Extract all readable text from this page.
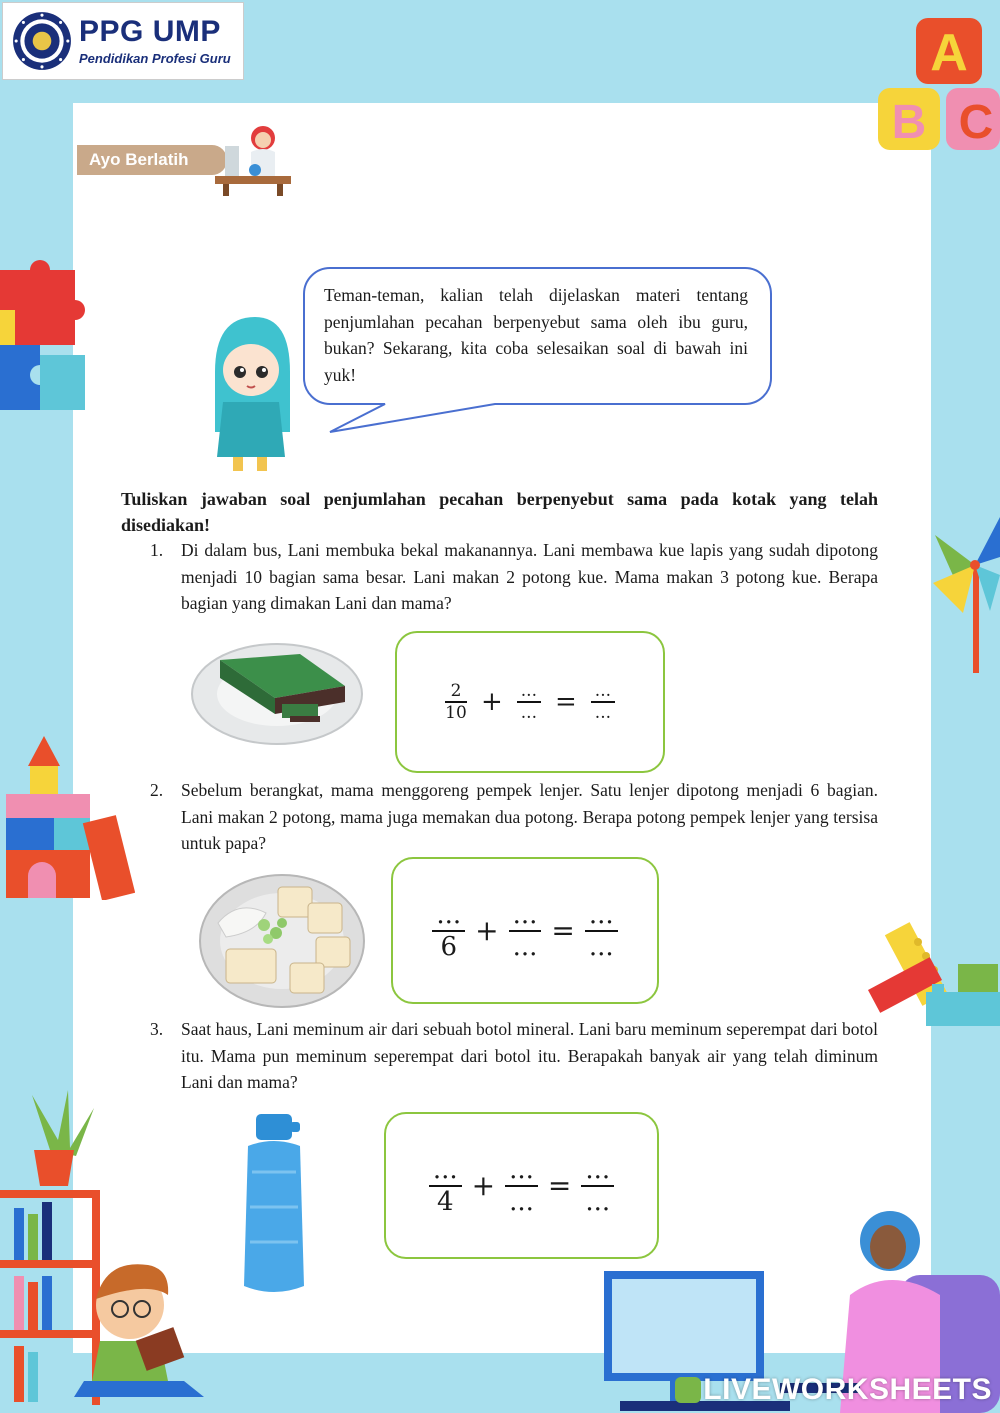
PPG UMP
Pendidikan Profesi Guru	A
B C
Ayo Berlatih
Teman-teman, kalian telah dijelaskan materi tentang penjumlahan pecahan berpenyebut sama oleh ibu guru, bukan? Sekarang, kita coba selesaikan soal di bawah ini yuk!
Tuliskan jawaban soal penjumlahan pecahan berpenyebut sama pada kotak yang telah disediakan!
1.	Di dalam bus, Lani membuka bekal makanannya. Lani membawa kue lapis yang sudah dipotong menjadi 10 bagian sama besar. Lani makan 2 potong kue. Mama makan 3 potong kue. Berapa bagian yang dimakan Lani dan mama?
$\frac{2}{10} + \frac{...}{...} = \frac{...}{...}$
2.	Sebelum berangkat, mama menggoreng pempek lenjer. Satu lenjer dipotong menjadi 6 bagian. Lani makan 2 potong, mama juga memakan dua potong. Berapa potong pempek lenjer yang tersisa untuk papa?
$\frac{...}{6} + \frac{...}{...} = \frac{...}{...}$
3.	Saat haus, Lani meminum air dari sebuah botol mineral. Lani baru meminum seperempat dari botol itu. Mama pun meminum seperempat dari botol itu. Berapakah banyak air yang telah diminum Lani dan mama?
$\frac{...}{4} + \frac{...}{...} = \frac{...}{...}$
LIVEWORKSHEETS
